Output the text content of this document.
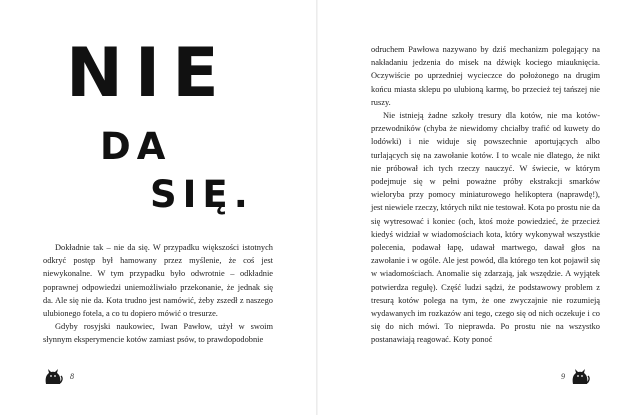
NIE
DA
SIĘ.

Dokładnie tak – nie da się. W przypadku większości istotnych odkryć postęp był hamowany przez myślenie, że coś jest niewykonalne. W tym przypadku było odwrotnie – odkładnie poprawnej odpowiedzi uniemożliwiało przekonanie, że jednak się da. Ale się nie da. Kota trudno jest namówić, żeby zszedł z naszego ulubionego fotela, a co tu dopiero mówić o tresurze.

Gdyby rosyjski naukowiec, Iwan Pawłow, użył w swoim słynnym eksperymencie kotów zamiast psów, to prawdopodobnie

8

odruchem Pawłowa nazywano by dziś mechanizm polegający na nakładaniu jedzenia do misek na dźwięk kociego miauknięcia. Oczywiście po uprzedniej wycieczce do położonego na drugim końcu miasta sklepu po ulubioną karmę, bo przecież tej tańszej nie ruszy.

Nie istnieją żadne szkoły tresury dla kotów, nie ma kotów-przewodników (chyba że niewidomy chciałby trafić od kuwety do lodówki) i nie widuje się powszechnie aportujących albo turlających się na zawołanie kotów. I to wcale nie dlatego, że nikt nie próbował ich tych rzeczy nauczyć. W świecie, w którym podejmuje się w pełni poważne próby ekstrakcji smarków wieloryba przy pomocy miniaturowego helikoptera (naprawdę!), jest niewiele rzeczy, których nikt nie testował. Kota po prostu nie da się wytresować i koniec (och, ktoś może powiedzieć, że przecież kiedyś widział w wiadomościach kota, który wykonywał wszystkie polecenia, podawał łapę, udawał martwego, dawał głos na zawołanie i w ogóle. Ale jest powód, dla którego ten kot pojawił się w wiadomościach. Anomalie się zdarzają, jak wszędzie. A wyjątek potwierdza regułę). Część ludzi sądzi, że podstawowy problem z tresurą kotów polega na tym, że one zwyczajnie nie rozumieją wydawanych im rozkazów ani tego, czego się od nich oczekuje i co się do nich mówi. To nieprawda. Po prostu nie na wszystko postanawiają reagować. Koty ponoć

9
